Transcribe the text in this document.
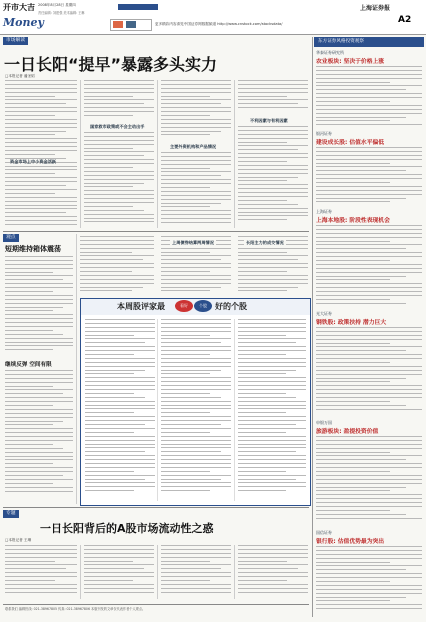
开市大吉 2008年8月28日 星期四
Money	更多精彩内容请见中国证券网数据频道 http://www.cnstock.com/stocksdata/
上海证券报
A2
责任编辑: 刘建强 美术编辑: 王琳
市场解读
一日长阳“提早”暴露多头实力
□本报记者 潘圣韬
国家救市政策或不会主动出手
资金市场上中小资金活跃
主要外资机构和产品情况
不利因素与有利因素
东方证券风格投资观察
华泰证券研究所
农业板块: 坚决于价格上涨
银河证券
建设成长股: 估值水平偏低
上海证券
上海本地股: 阶段性表现机会
光大证券
钢铁股: 政策扶持 潜力巨大
申银万国
旅游板块: 盈提投资价值
国信证券
银行股: 估值优势最为突出
观点
短期维持箱体震荡
继续反弹 空间有限
上周债券结算两周情况	长阳主力的成交情况
本周股评家最	看好	个股	好的个股
专题
一日长阳背后的A股市场流动性之惑
□本报记者 王琳
联系我们 编辑热线: 021-38967805 传真: 021-38967806 本版刊发的文章仅代表作者个人观点。
